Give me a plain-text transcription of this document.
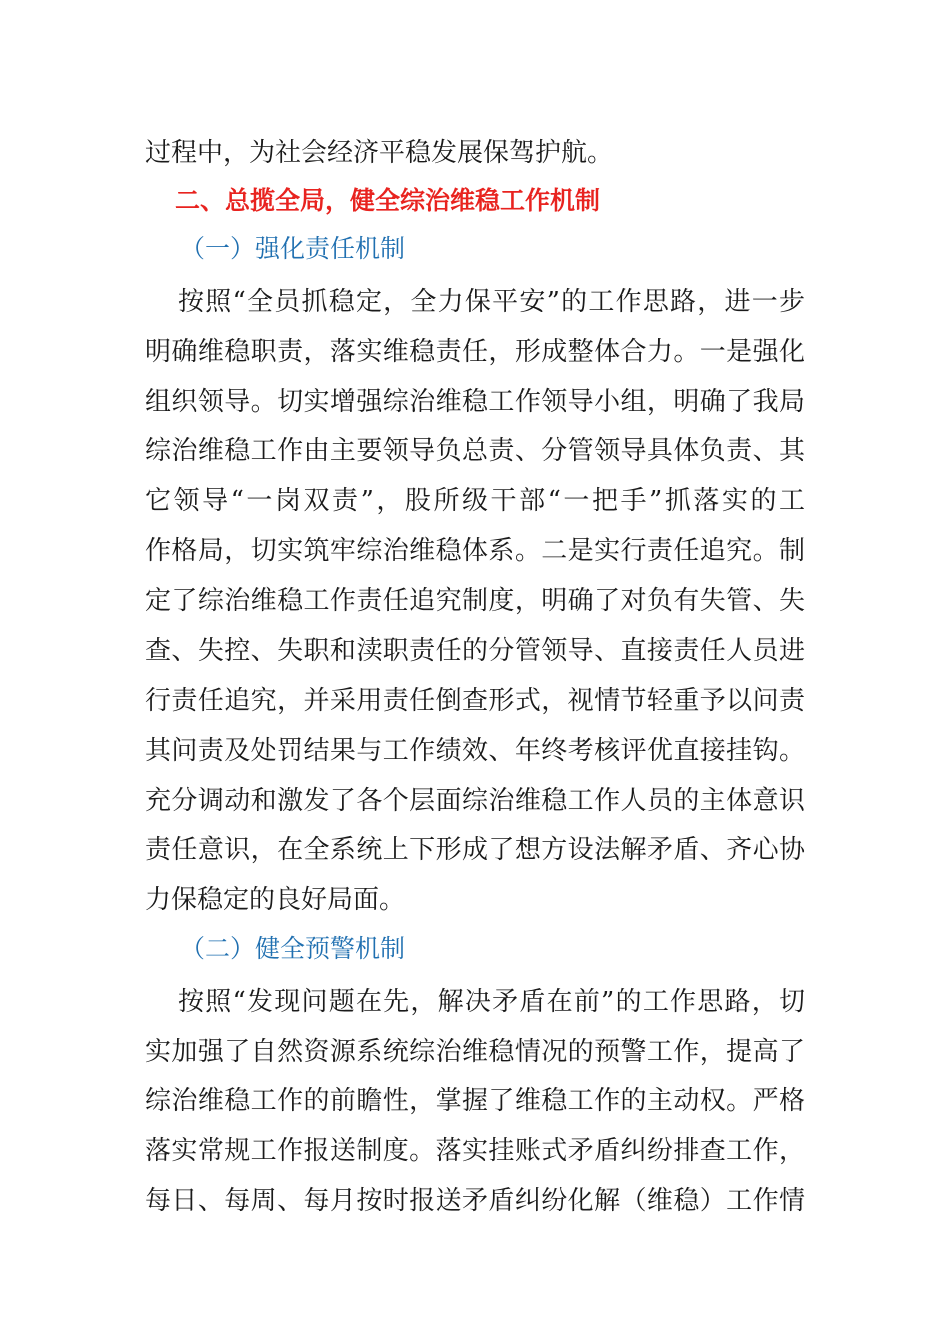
过程中，为社会经济平稳发展保驾护航。
二、总揽全局，健全综治维稳工作机制
（一）强化责任机制
按照“全员抓稳定，全力保平安”的工作思路，进一步
明确维稳职责，落实维稳责任，形成整体合力。一是强化
组织领导。切实增强综治维稳工作领导小组，明确了我局
综治维稳工作由主要领导负总责、分管领导具体负责、其
它领导“一岗双责”，股所级干部“一把手”抓落实的工
作格局，切实筑牢综治维稳体系。二是实行责任追究。制
定了综治维稳工作责任追究制度，明确了对负有失管、失
查、失控、失职和渎职责任的分管领导、直接责任人员进
行责任追究，并采用责任倒查形式，视情节轻重予以问责
其问责及处罚结果与工作绩效、年终考核评优直接挂钩。
充分调动和激发了各个层面综治维稳工作人员的主体意识
责任意识，在全系统上下形成了想方设法解矛盾、齐心协
力保稳定的良好局面。
（二）健全预警机制
按照“发现问题在先，解决矛盾在前”的工作思路，切
实加强了自然资源系统综治维稳情况的预警工作，提高了
综治维稳工作的前瞻性，掌握了维稳工作的主动权。严格
落实常规工作报送制度。落实挂账式矛盾纠纷排查工作，
每日、每周、每月按时报送矛盾纠纷化解（维稳）工作情
